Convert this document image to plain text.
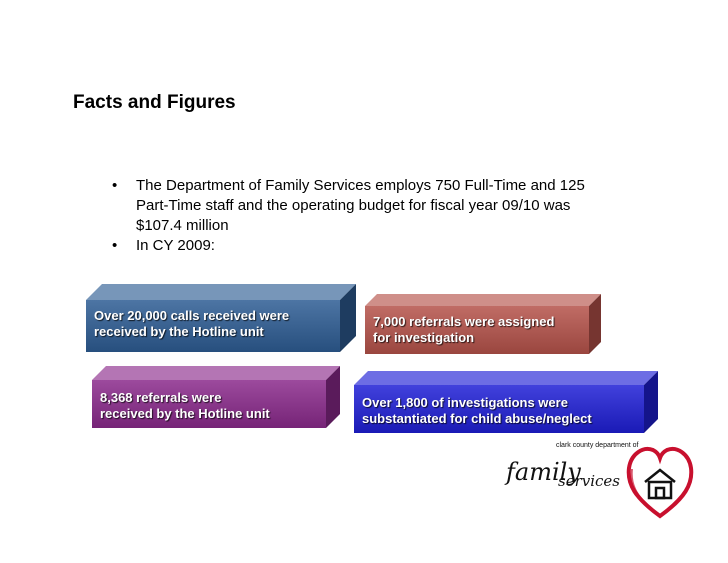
Facts and Figures
• The Department of Family Services employs 750 Full-Time and 125 Part-Time staff and the operating budget for fiscal year 09/10 was $107.4 million
• In CY 2009:
Over 20,000 calls received were
received by the Hotline unit
7,000 referrals were assigned
for investigation
8,368 referrals were
received by the Hotline unit
Over 1,800 of investigations were
substantiated for child abuse/neglect
clark county department of
family
services
